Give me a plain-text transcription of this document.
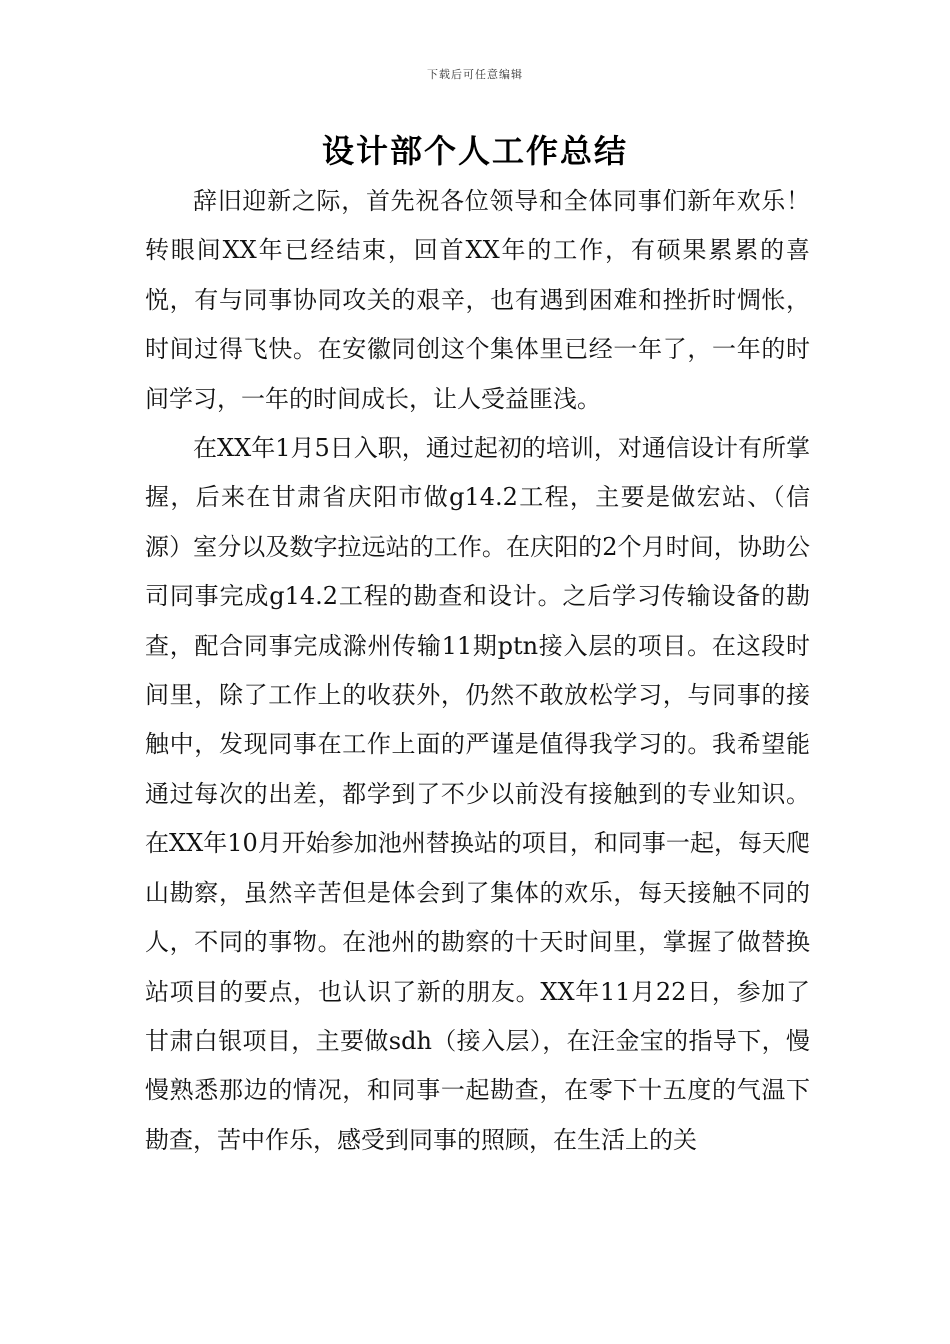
下载后可任意编辑
设计部个人工作总结

辞旧迎新之际，首先祝各位领导和全体同事们新年欢乐！转眼间XX年已经结束，回首XX年的工作，有硕果累累的喜悦，有与同事协同攻关的艰辛，也有遇到困难和挫折时惆怅，时间过得飞快。在安徽同创这个集体里已经一年了，一年的时间学习，一年的时间成长，让人受益匪浅。

在XX年1月5日入职，通过起初的培训，对通信设计有所掌握，后来在甘肃省庆阳市做g14.2工程，主要是做宏站、（信源）室分以及数字拉远站的工作。在庆阳的2个月时间，协助公司同事完成g14.2工程的勘查和设计。之后学习传输设备的勘查，配合同事完成滁州传输11期ptn接入层的项目。在这段时间里，除了工作上的收获外，仍然不敢放松学习，与同事的接触中，发现同事在工作上面的严谨是值得我学习的。我希望能通过每次的出差，都学到了不少以前没有接触到的专业知识。在XX年10月开始参加池州替换站的项目，和同事一起，每天爬山勘察，虽然辛苦但是体会到了集体的欢乐，每天接触不同的人，不同的事物。在池州的勘察的十天时间里，掌握了做替换站项目的要点，也认识了新的朋友。XX年11月22日，参加了甘肃白银项目，主要做sdh（接入层），在汪金宝的指导下，慢慢熟悉那边的情况，和同事一起勘查，在零下十五度的气温下勘查，苦中作乐，感受到同事的照顾，在生活上的关
